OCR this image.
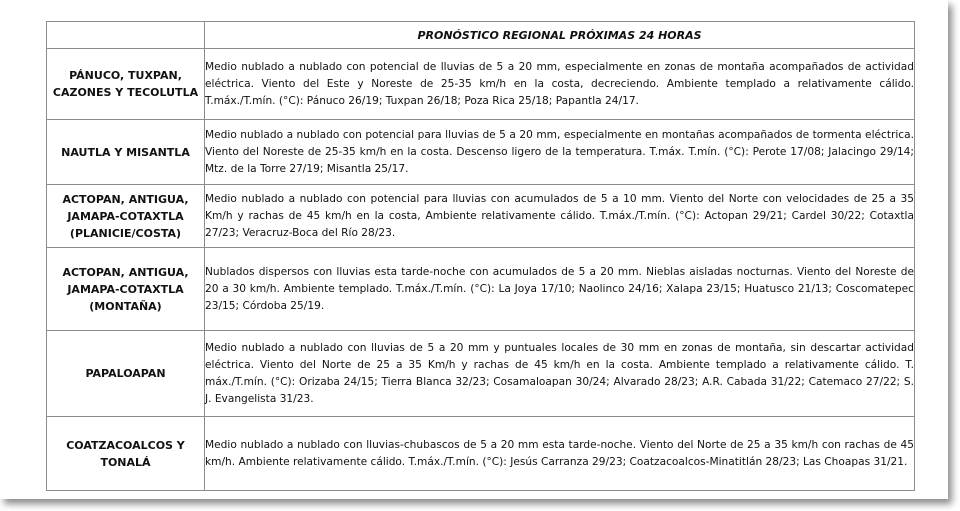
	PRONÓSTICO REGIONAL PRÓXIMAS 24 HORAS
PÁNUCO, TUXPAN, CAZONES Y TECOLUTLA	Medio nublado a nublado con potencial de lluvias de 5 a 20 mm, especialmente en zonas de montaña acompañados de actividad eléctrica. Viento del Este y Noreste de 25-35 km/h en la costa, decreciendo. Ambiente templado a relativamente cálido. T.máx./T.mín. (°C): Pánuco 26/19; Tuxpan 26/18; Poza Rica 25/18; Papantla 24/17.
NAUTLA Y MISANTLA	Medio nublado a nublado con potencial para lluvias de 5 a 20 mm, especialmente en montañas acompañados de tormenta eléctrica. Viento del Noreste de 25-35 km/h en la costa. Descenso ligero de la temperatura. T.máx. T.mín. (°C): Perote 17/08; Jalacingo 29/14; Mtz. de la Torre 27/19; Misantla 25/17.
ACTOPAN, ANTIGUA, JAMAPA-COTAXTLA (PLANICIE/COSTA)	Medio nublado a nublado con potencial para lluvias con acumulados de 5 a 10 mm. Viento del Norte con velocidades de 25 a 35 Km/h y rachas de 45 km/h en la costa, Ambiente relativamente cálido. T.máx./T.mín. (°C): Actopan 29/21; Cardel 30/22; Cotaxtla 27/23; Veracruz-Boca del Río 28/23.
ACTOPAN, ANTIGUA, JAMAPA-COTAXTLA (MONTAÑA)	Nublados dispersos con lluvias esta tarde-noche con acumulados de 5 a 20 mm. Nieblas aisladas nocturnas. Viento del Noreste de 20 a 30 km/h. Ambiente templado. T.máx./T.mín. (°C): La Joya 17/10; Naolinco 24/16; Xalapa 23/15; Huatusco 21/13; Coscomatepec 23/15; Córdoba 25/19.
PAPALOAPAN	Medio nublado a nublado con lluvias de 5 a 20 mm y puntuales locales de 30 mm en zonas de montaña, sin descartar actividad eléctrica. Viento del Norte de 25 a 35 Km/h y rachas de 45 km/h en la costa. Ambiente templado a relativamente cálido. T. máx./T.mín. (°C): Orizaba 24/15; Tierra Blanca 32/23; Cosamaloapan 30/24; Alvarado 28/23; A.R. Cabada 31/22; Catemaco 27/22; S. J. Evangelista 31/23.
COATZACOALCOS Y TONALÁ	Medio nublado a nublado con lluvias-chubascos de 5 a 20 mm esta tarde-noche. Viento del Norte de 25 a 35 km/h con rachas de 45 km/h. Ambiente relativamente cálido. T.máx./T.mín. (°C): Jesús Carranza 29/23; Coatzacoalcos-Minatitlán 28/23; Las Choapas 31/21.
